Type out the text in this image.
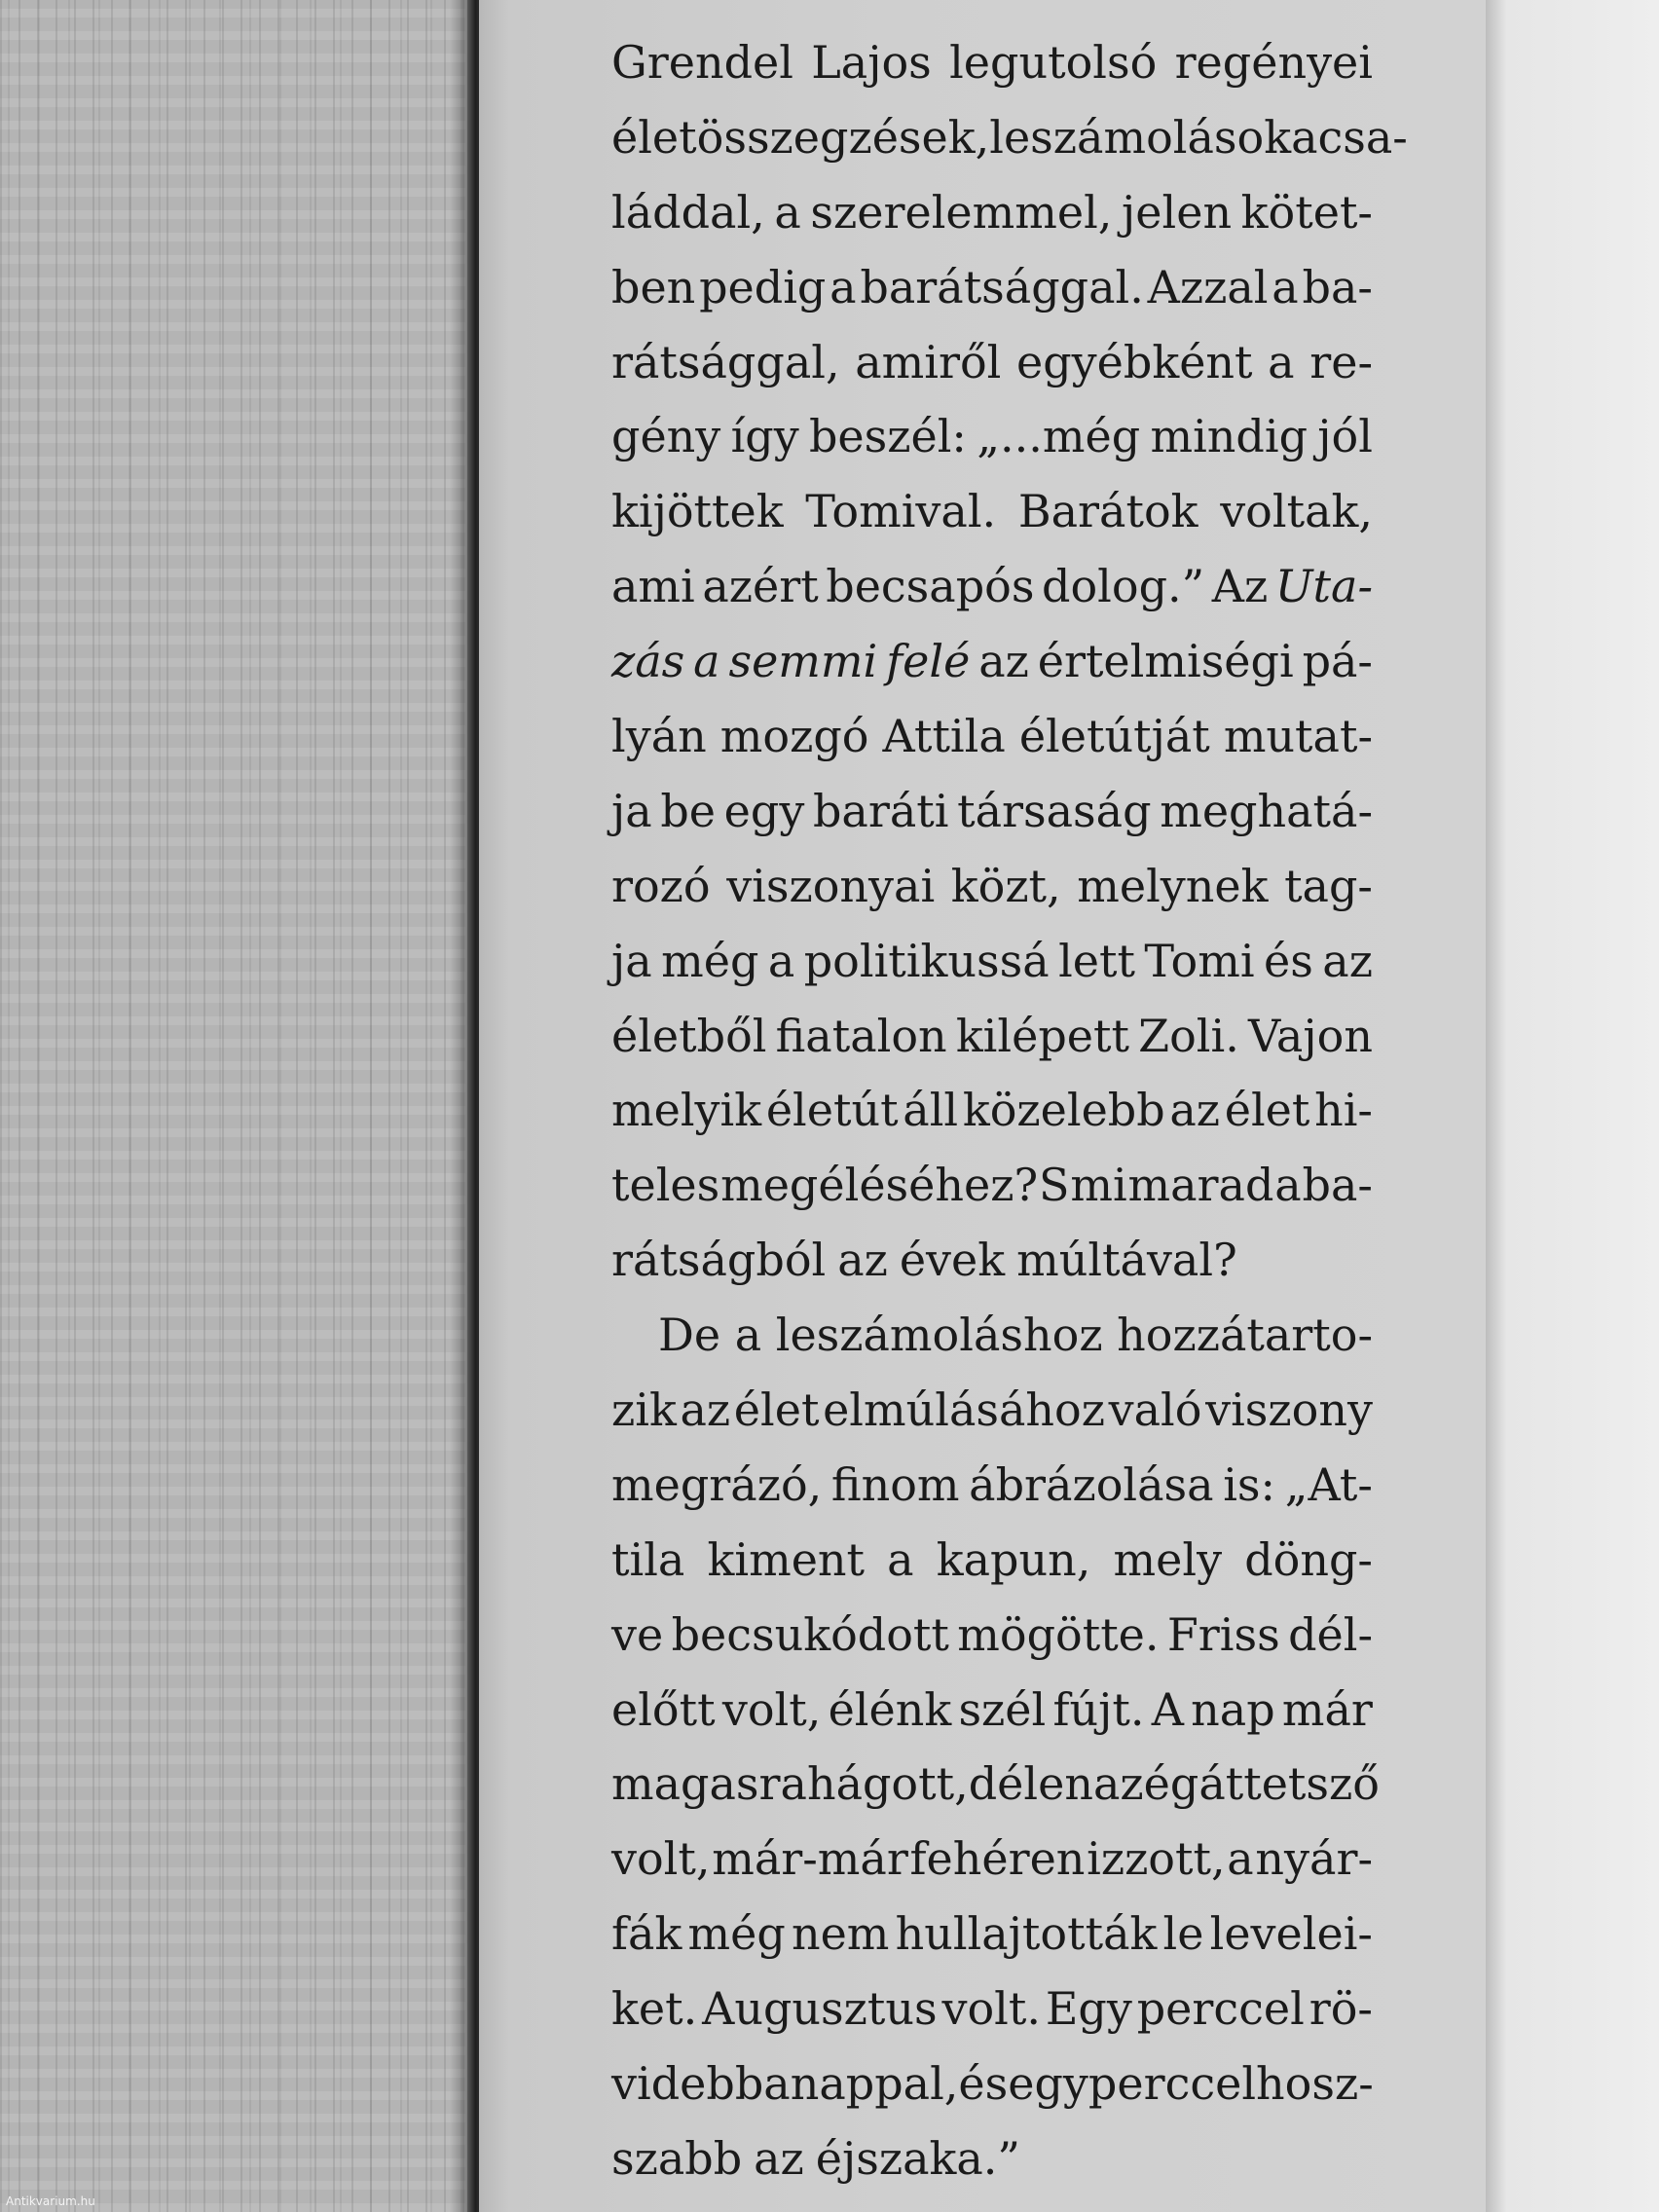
Grendel Lajos legutolsó regényei
életösszegzések, leszámolások a csa-
láddal, a szerelemmel, jelen kötet-
ben pedig a barátsággal. Azzal a ba-
rátsággal, amiről egyébként a re-
gény így beszél: „...még mindig jól
kijöttek Tomival. Barátok voltak,
ami azért becsapós dolog.” Az Uta-
zás a semmi felé az értelmiségi pá-
lyán mozgó Attila életútját mutat-
ja be egy baráti társaság meghatá-
rozó viszonyai közt, melynek tag-
ja még a politikussá lett Tomi és az
életből fiatalon kilépett Zoli. Vajon
melyik életút áll közelebb az élet hi-
teles megéléséhez? S mi marad a ba-
rátságból az évek múltával?
De a leszámoláshoz hozzátarto-
zik az élet elmúlásához való viszony
megrázó, finom ábrázolása is: „At-
tila kiment a kapun, mely döng-
ve becsukódott mögötte. Friss dél-
előtt volt, élénk szél fújt. A nap már
magasra hágott, délen az ég áttetsző
volt, már-már fehéren izzott, a nyár-
fák még nem hullajtották le levelei-
ket. Augusztus volt. Egy perccel rö-
videbb a nappal, és egy perccel hosz-
szabb az éjszaka.”
Antikvarium.hu
